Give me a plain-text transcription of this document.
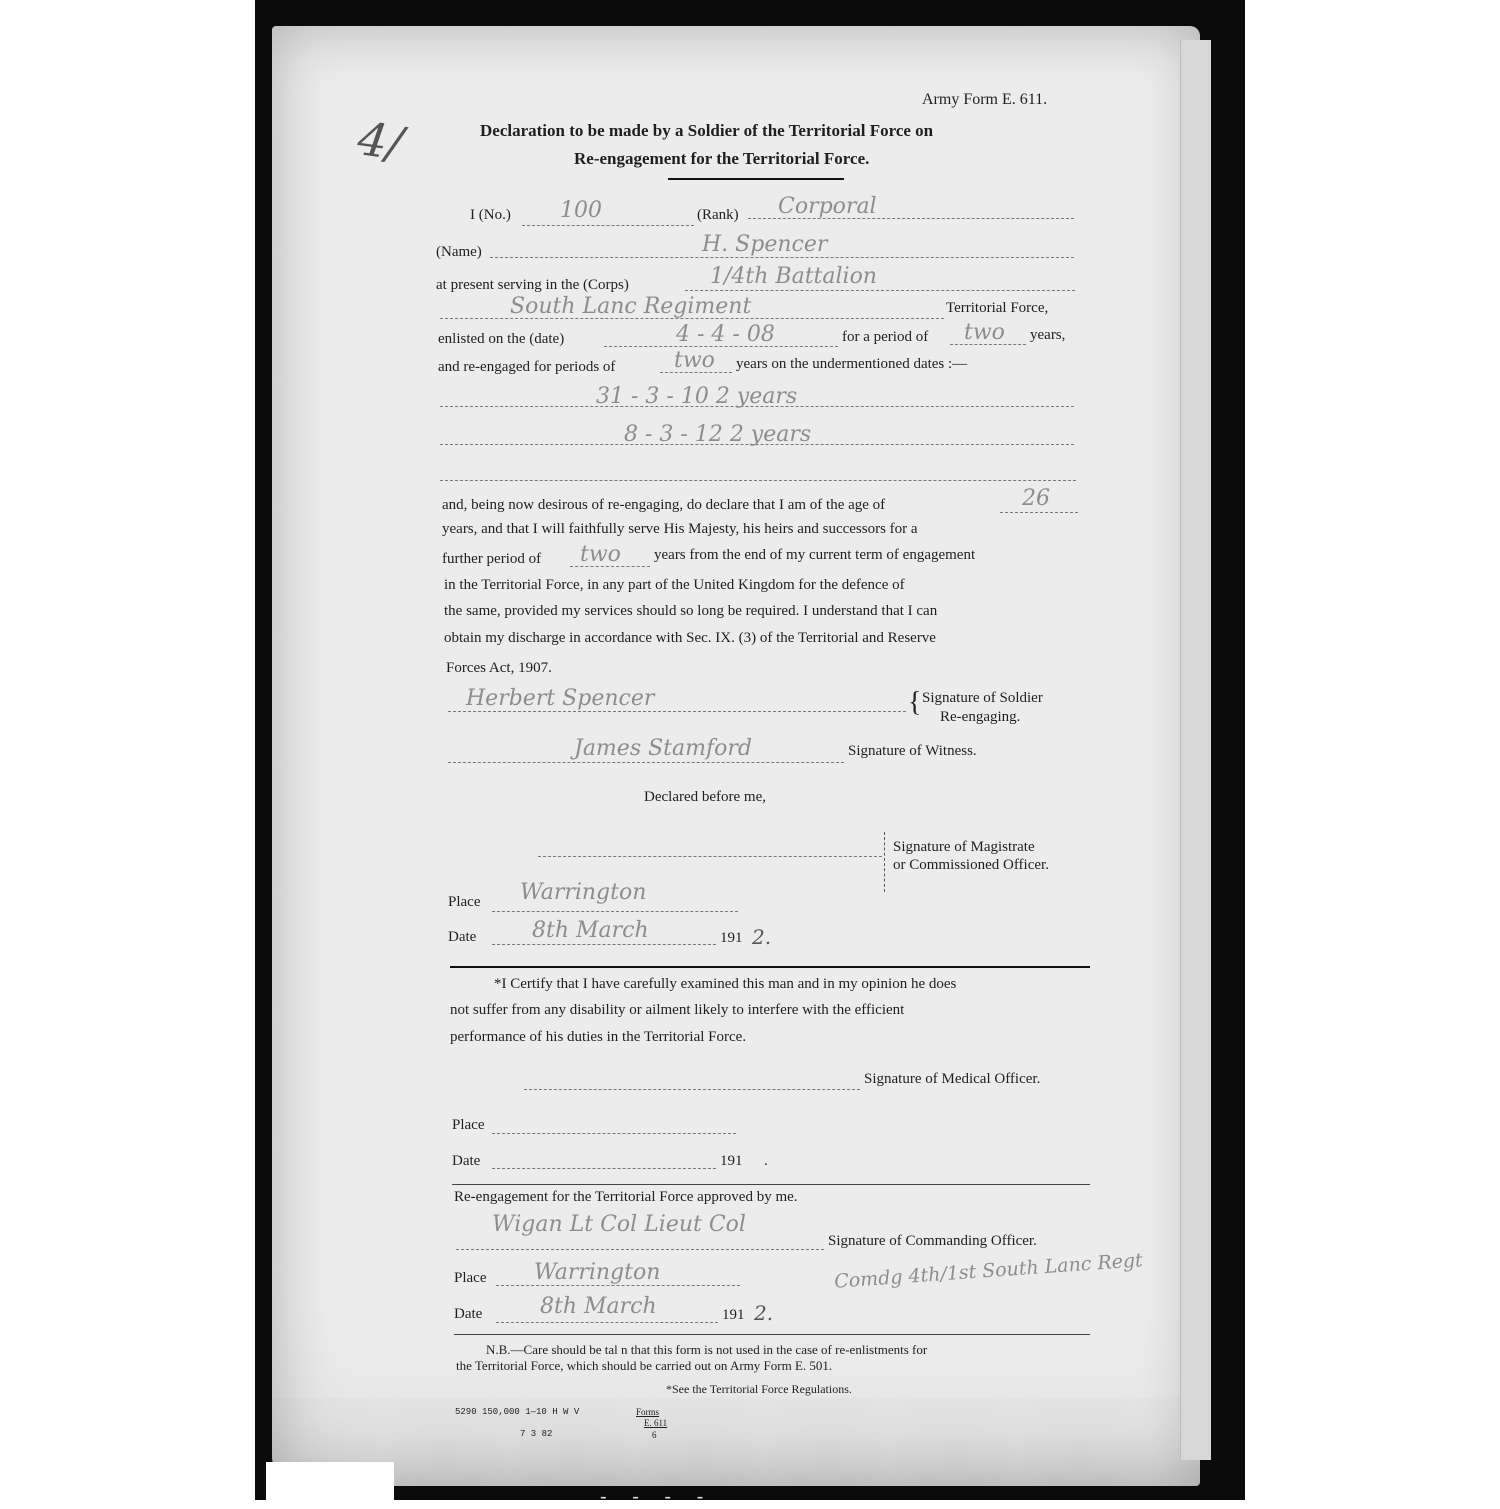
- - - -
Army Form E. 611.
4/	Declaration to be made by a Soldier of the Territorial Force on
Re-engagement for the Territorial Force.
I (No.) 100	(Rank) Corporal
(Name)	H. Spencer
at present serving in the (Corps)	1/4th Battalion
South Lanc Regiment	Territorial Force,
enlisted on the (date)	4 - 4 - 08	for a period of two years,
and re-engaged for periods of	two years on the undermentioned dates :—
31 - 3 - 10 2 years
8 - 3 - 12 2 years
and, being now desirous of re-engaging, do declare that I am of the age of	26
years, and that I will faithfully serve His Majesty, his heirs and successors for a
further period of two years from the end of my current term of engagement
in the Territorial Force, in any part of the United Kingdom for the defence of
the same, provided my services should so long be required. I understand that I can
obtain my discharge in accordance with Sec. IX. (3) of the Territorial and Reserve
Forces Act, 1907.
Herbert Spencer	{ Signature of Soldier
Re-engaging.
James Stamford	Signature of Witness.
Declared before me,
Signature of Magistrate
or Commissioned Officer.
Place Warrington
Date	8th March	191 2.
*I Certify that I have carefully examined this man and in my opinion he does
not suffer from any disability or ailment likely to interfere with the efficient
performance of his duties in the Territorial Force.
Signature of Medical Officer.
Place
Date	191 .
Re-engagement for the Territorial Force approved by me.
Wigan Lt Col Lieut Col
Signature of Commanding Officer.
Comdg 4th/1st South Lanc Regt
Place Warrington
Date	8th March	191 2.
N.B.—Care should be tal n that this form is not used in the case of re-enlistments for
the Territorial Force, which should be carried out on Army Form E. 501.
*See the Territorial Force Regulations.
5290 150,000 1—10 H W V
7 3 82
Forms
E. 611
6
